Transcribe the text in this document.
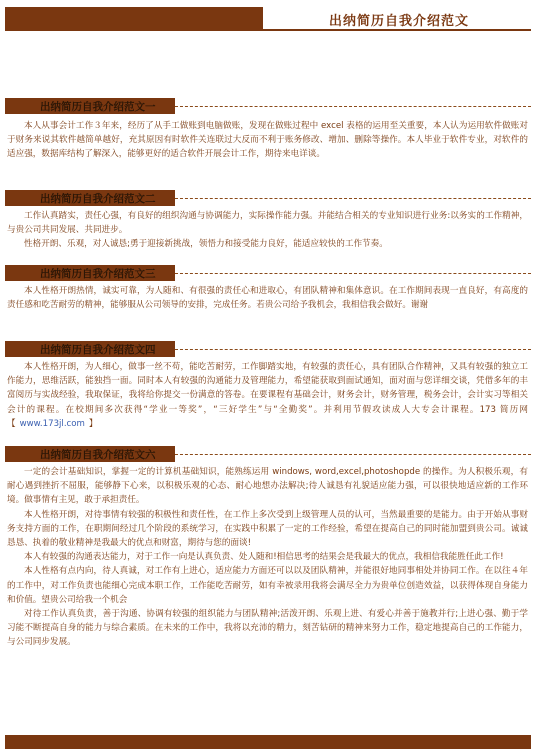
出纳简历自我介绍范文
出纳简历自我介绍范文一

本人从事会计工作３年来，经历了从手工做账到电脑做账，发现在做账过程中 excel 表格的运用至关重要，本人认为运用软件做账对于财务来说其软件越简单越好，充其原因有时软件关连联过大反而不利于账务修改、增加、删除等操作。本人毕业于软件专业，对软件的适应强，数据库结构了解深入，能够更好的适合软件开展会计工作，期待来电详谈。

出纳简历自我介绍范文二

工作认真踏实，责任心强，有良好的组织沟通与协调能力，实际操作能力强。并能结合相关的专业知识进行业务:以务实的工作精神，与贵公司共同发展、共同进步。

性格开朗、乐观，对人诚恳;勇于迎接新挑战，领悟力和接受能力良好，能适应较快的工作节奏。

出纳简历自我介绍范文三

本人性格开朗热情，诚实可靠，为人随和、有很强的责任心和进取心，有团队精神和集体意识。在工作期间表现一直良好，有高度的责任感和吃苦耐劳的精神，能够服从公司领导的安排，完成任务。若贵公司给予我机会，我相信我会做好。谢谢

出纳简历自我介绍范文四

本人性格开朗，为人细心，做事一丝不苟，能吃苦耐劳，工作脚踏实地，有较强的责任心，具有团队合作精神，又具有较强的独立工作能力，思维活跃，能独挡一面。同时本人有较强的沟通能力及管理能力，希望能获取到面试通知，面对面与您详细交谈，凭借多年的丰富阅历与实战经验，我取保证，我将给你提交一份满意的答卷。在要课程有基础会计，财务会计，财务管理，税务会计，会计实习等相关会计的课程。在校期间多次获得“学业一等奖”，“三好学生”与“全勤奖”。并利用节假攻读成人大专会计课程。173 简历网【 www.173jl.com 】

出纳简历自我介绍范文六

一定的会计基础知识，掌握一定的计算机基础知识，能熟练运用 windows, word,excel,photoshopde 的操作。为人积极乐观，有耐心遇到挫折不屈服，能够静下心来，以积极乐观的心态、耐心地想办法解决;待人诚恳有礼貌适应能力强，可以很快地适应新的工作环境。做事情有主见，敢于承担责任。

本人性格开朗，对待事情有较强的积极性和责任性，在工作上多次受到上级管理人员的认可，当然最重要的是能力。由于开始从事财务支持方面的工作，在职期间经过几个阶段的系统学习，在实践中积累了一定的工作经验，希望在提高自己的同时能加盟到贵公司。诚诚恳恳、执着的敬业精神是我最大的优点和财富，期待与您的面谈!

本人有较强的沟通表达能力，对于工作一向是认真负责、处人随和!相信思考的结果会是我最大的优点，我相信我能胜任此工作!

本人性格有点内向，待人真诚，对工作有上进心，适应能力方面还可以以及团队精神，并能很好地同事相处并协同工作。在以往４年的工作中，对工作负责也能细心完成本职工作，工作能吃苦耐劳，如有幸被录用我将会满尽全力为贵单位创造效益，以获得体现自身能力和价值。望贵公司给我一个机会

对待工作认真负责，善于沟通、协调有较强的组织能力与团队精神;活泼开朗、乐观上进、有爱心并善于施教并行;上进心强、勤于学习能不断提高自身的能力与综合素质。在未来的工作中，我将以充沛的精力，刻苦钻研的精神来努力工作，稳定地提高自己的工作能力，与公司同步发展。
